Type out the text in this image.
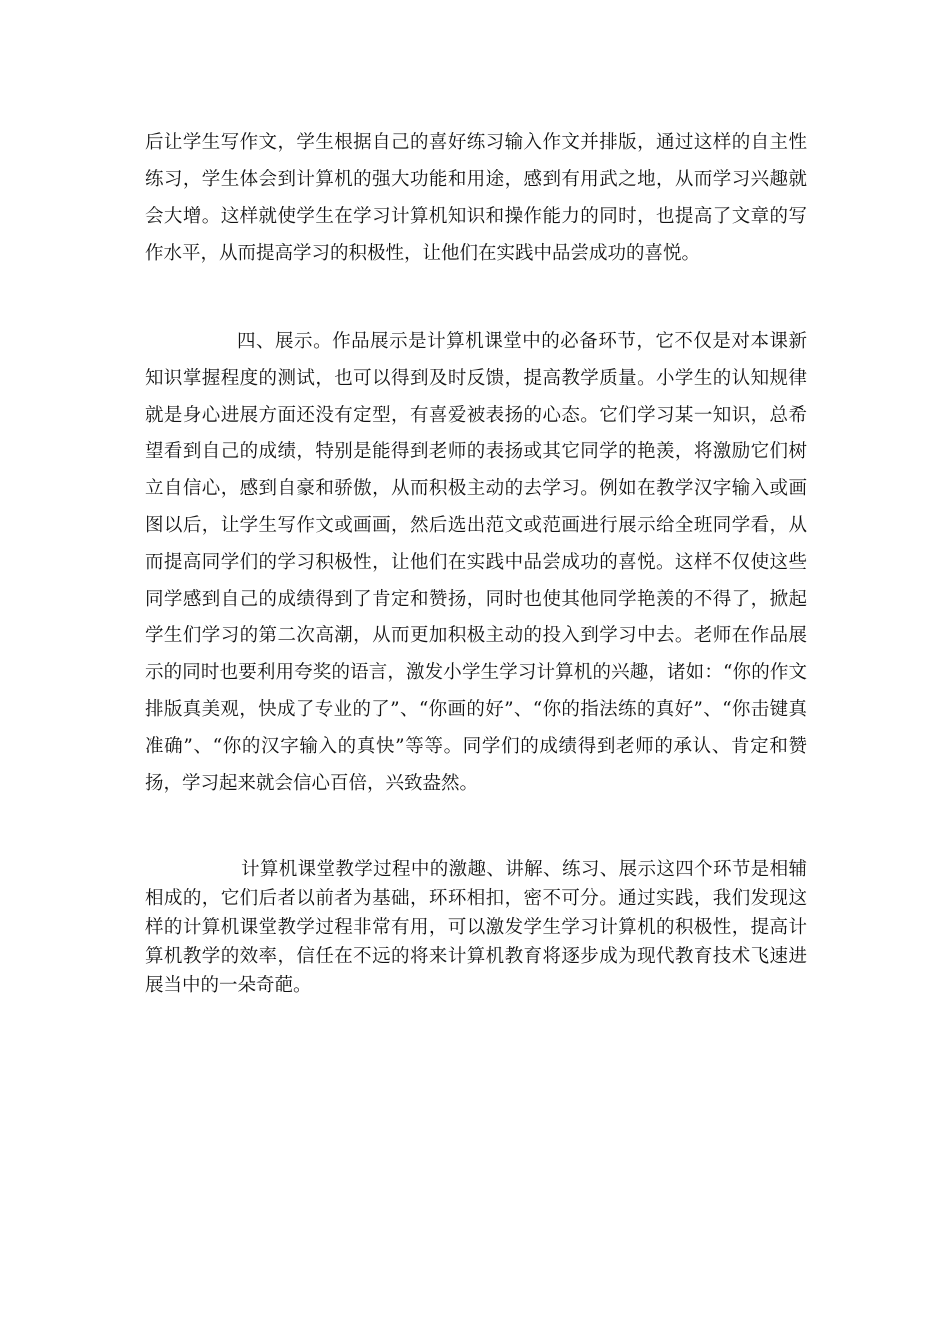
后让学生写作文，学生根据自己的喜好练习输入作文并排版，通过这样的自主性练习，学生体会到计算机的强大功能和用途，感到有用武之地，从而学习兴趣就会大增。这样就使学生在学习计算机知识和操作能力的同时，也提高了文章的写作水平，从而提高学习的积极性，让他们在实践中品尝成功的喜悦。

四、展示。作品展示是计算机课堂中的必备环节，它不仅是对本课新知识掌握程度的测试，也可以得到及时反馈，提高教学质量。小学生的认知规律就是身心进展方面还没有定型，有喜爱被表扬的心态。它们学习某一知识，总希望看到自己的成绩，特别是能得到老师的表扬或其它同学的艳羡，将激励它们树立自信心，感到自豪和骄傲，从而积极主动的去学习。例如在教学汉字输入或画图以后，让学生写作文或画画，然后选出范文或范画进行展示给全班同学看，从而提高同学们的学习积极性，让他们在实践中品尝成功的喜悦。这样不仅使这些同学感到自己的成绩得到了肯定和赞扬，同时也使其他同学艳羡的不得了，掀起学生们学习的第二次高潮，从而更加积极主动的投入到学习中去。老师在作品展示的同时也要利用夸奖的语言，激发小学生学习计算机的兴趣，诸如：“你的作文排版真美观，快成了专业的了”、“你画的好”、“你的指法练的真好”、“你击键真准确”、“你的汉字输入的真快”等等。同学们的成绩得到老师的承认、肯定和赞扬，学习起来就会信心百倍，兴致盎然。

计算机课堂教学过程中的激趣、讲解、练习、展示这四个环节是相辅相成的，它们后者以前者为基础，环环相扣，密不可分。通过实践，我们发现这样的计算机课堂教学过程非常有用，可以激发学生学习计算机的积极性，提高计算机教学的效率，信任在不远的将来计算机教育将逐步成为现代教育技术飞速进展当中的一朵奇葩。
